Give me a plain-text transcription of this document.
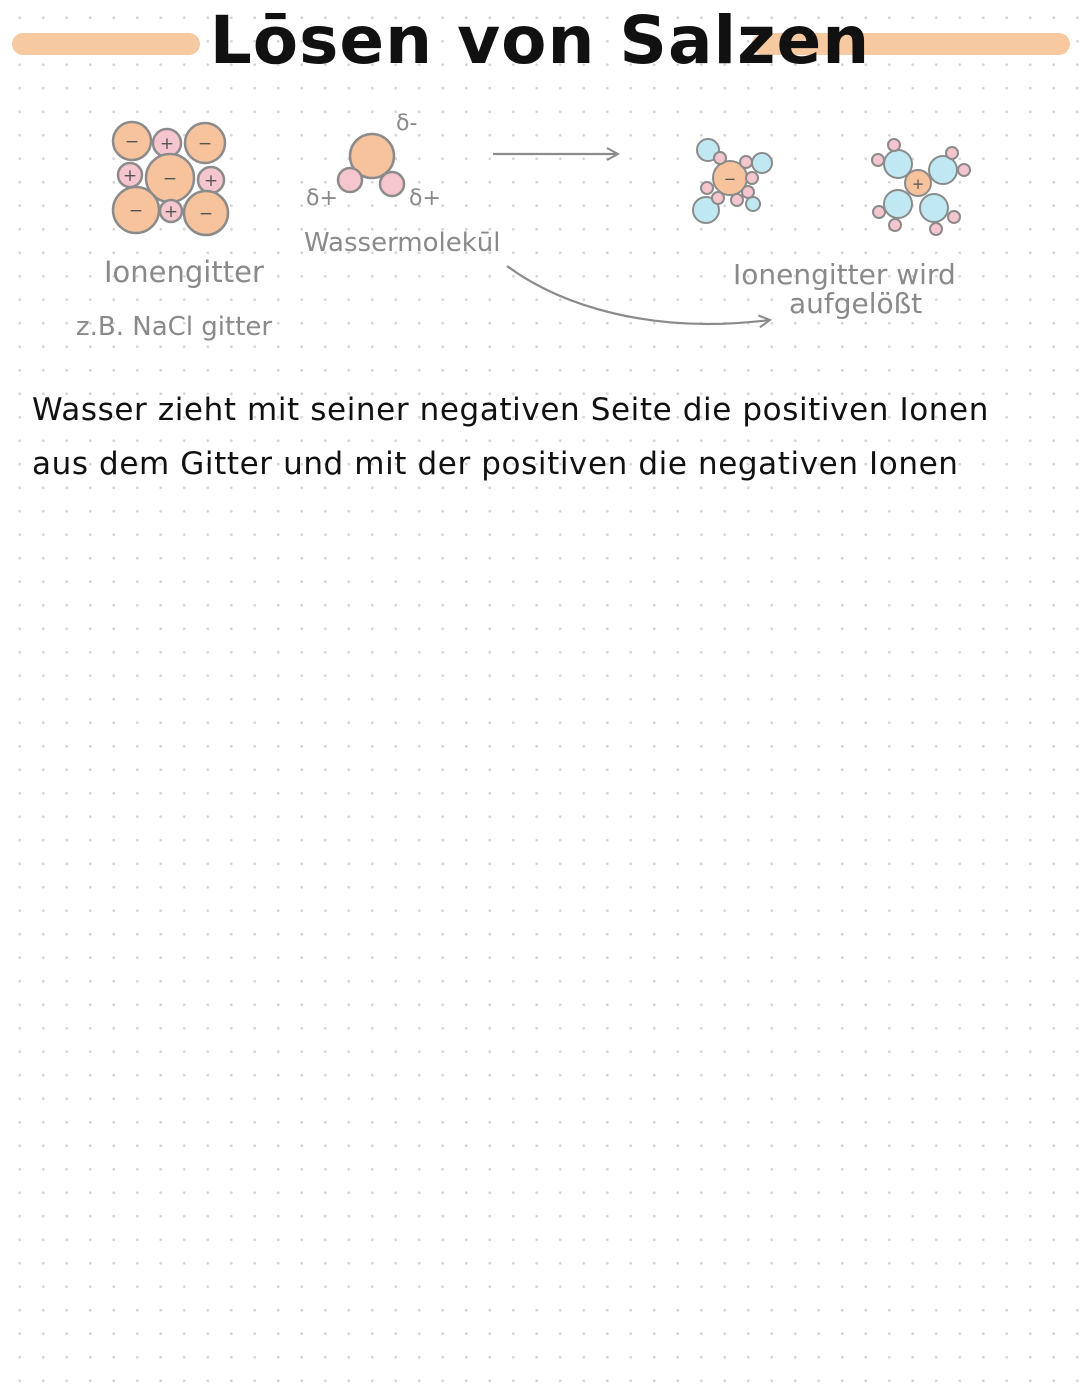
Lōsen von Salzen
− + −
+ − +
− + −
δ-
δ+	δ+
−	+
Ionengitter
z.B. NaCl gitter
Wassermolekūl
Ionengitter wird
aufgelößt
Wasser zieht mit seiner negativen Seite die positiven Ionen
aus dem Gitter und mit der positiven die negativen Ionen
